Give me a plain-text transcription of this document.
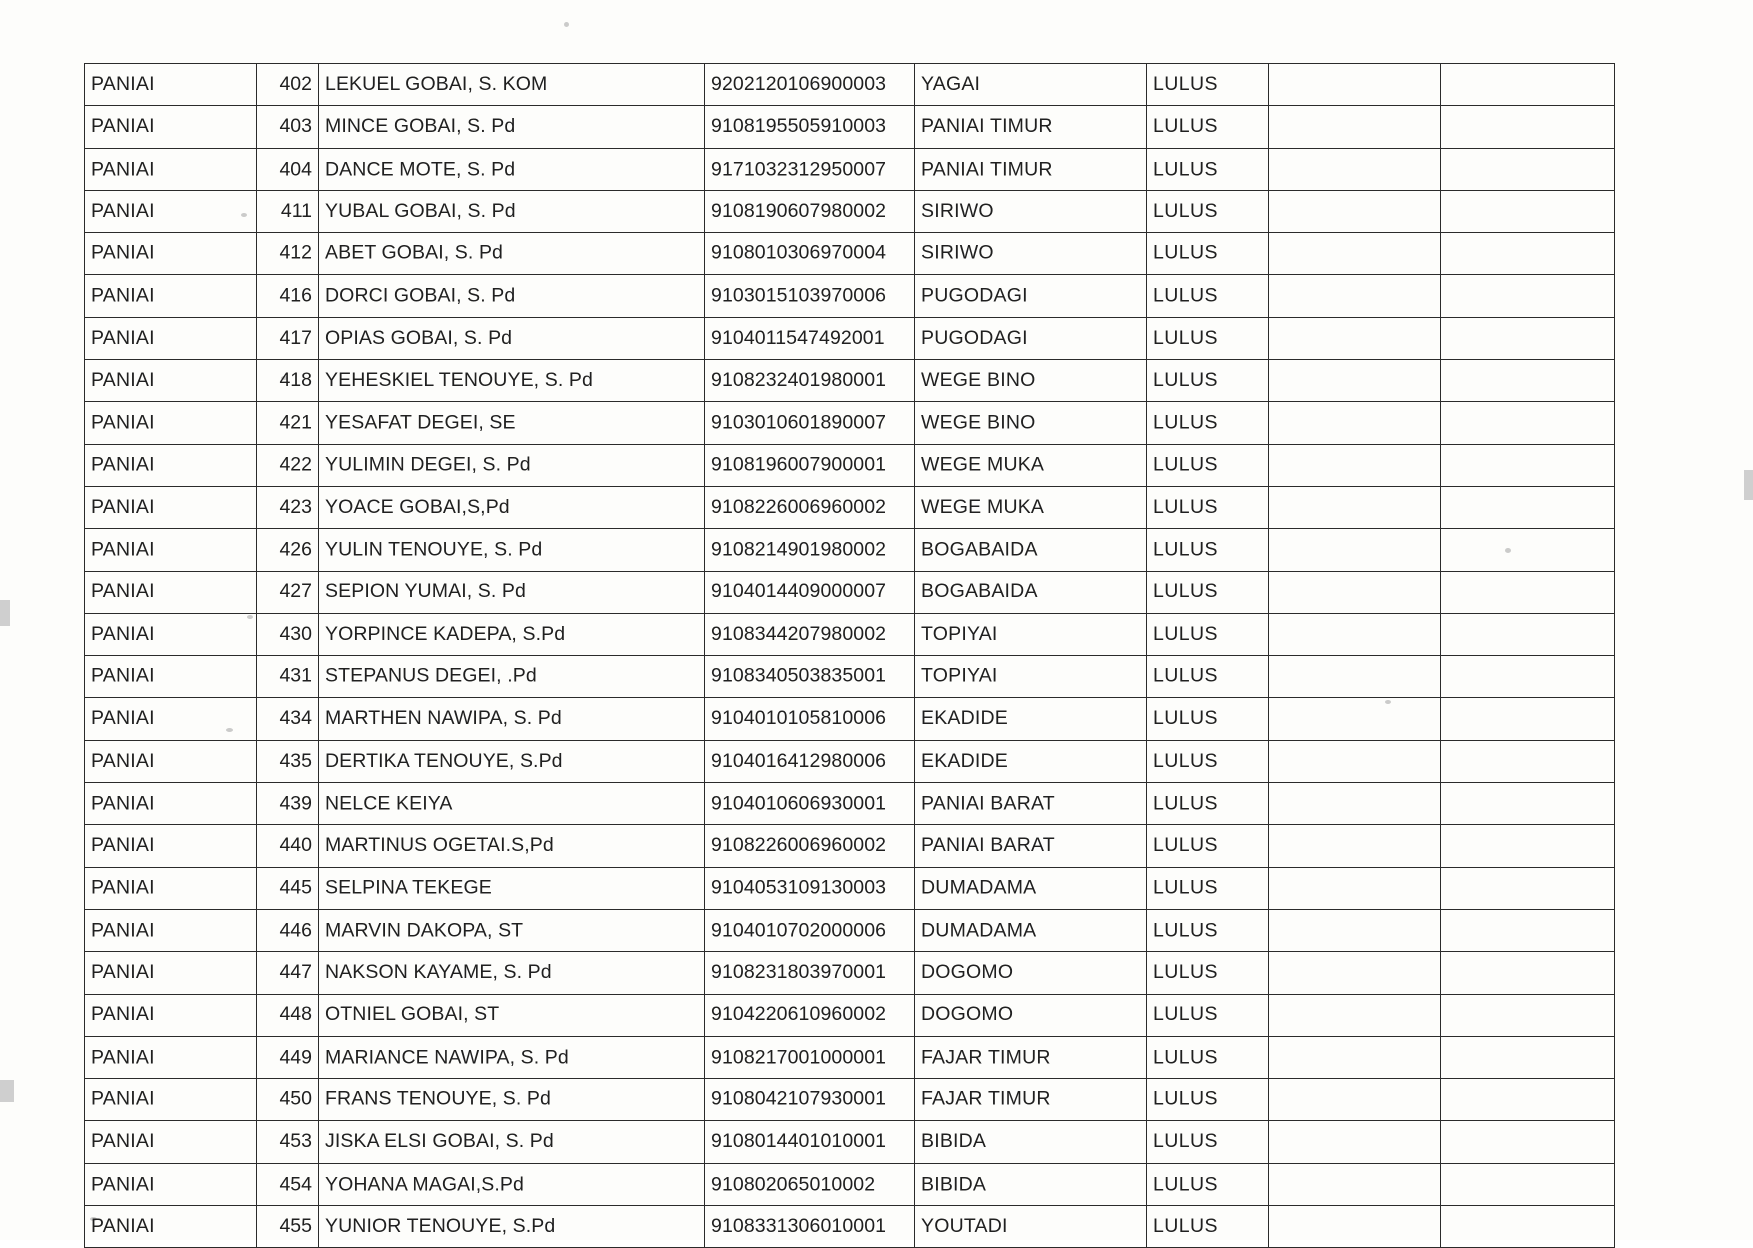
PANIAI	402	LEKUEL GOBAI, S. KOM	9202120106900003	YAGAI	LULUS		
PANIAI	403	MINCE GOBAI, S. Pd	9108195505910003	PANIAI TIMUR	LULUS		
PANIAI	404	DANCE MOTE, S. Pd	9171032312950007	PANIAI TIMUR	LULUS		
PANIAI	411	YUBAL GOBAI, S. Pd	9108190607980002	SIRIWO	LULUS		
PANIAI	412	ABET GOBAI, S. Pd	9108010306970004	SIRIWO	LULUS		
PANIAI	416	DORCI GOBAI, S. Pd	9103015103970006	PUGODAGI	LULUS		
PANIAI	417	OPIAS GOBAI, S. Pd	9104011547492001	PUGODAGI	LULUS		
PANIAI	418	YEHESKIEL TENOUYE, S. Pd	9108232401980001	WEGE BINO	LULUS		
PANIAI	421	YESAFAT DEGEI, SE	9103010601890007	WEGE BINO	LULUS		
PANIAI	422	YULIMIN DEGEI, S. Pd	9108196007900001	WEGE MUKA	LULUS		
PANIAI	423	YOACE GOBAI,S,Pd	9108226006960002	WEGE MUKA	LULUS		
PANIAI	426	YULIN TENOUYE, S. Pd	9108214901980002	BOGABAIDA	LULUS		
PANIAI	427	SEPION YUMAI, S. Pd	9104014409000007	BOGABAIDA	LULUS		
PANIAI	430	YORPINCE KADEPA, S.Pd	9108344207980002	TOPIYAI	LULUS		
PANIAI	431	STEPANUS DEGEI, .Pd	9108340503835001	TOPIYAI	LULUS		
PANIAI	434	MARTHEN NAWIPA, S. Pd	9104010105810006	EKADIDE	LULUS		
PANIAI	435	DERTIKA TENOUYE, S.Pd	9104016412980006	EKADIDE	LULUS		
PANIAI	439	NELCE KEIYA	9104010606930001	PANIAI BARAT	LULUS		
PANIAI	440	MARTINUS OGETAI.S,Pd	9108226006960002	PANIAI BARAT	LULUS		
PANIAI	445	SELPINA TEKEGE	9104053109130003	DUMADAMA	LULUS		
PANIAI	446	MARVIN DAKOPA, ST	9104010702000006	DUMADAMA	LULUS		
PANIAI	447	NAKSON KAYAME, S. Pd	9108231803970001	DOGOMO	LULUS		
PANIAI	448	OTNIEL GOBAI, ST	9104220610960002	DOGOMO	LULUS		
PANIAI	449	MARIANCE NAWIPA, S. Pd	9108217001000001	FAJAR TIMUR	LULUS		
PANIAI	450	FRANS TENOUYE, S. Pd	9108042107930001	FAJAR TIMUR	LULUS		
PANIAI	453	JISKA ELSI GOBAI, S. Pd	9108014401010001	BIBIDA	LULUS		
PANIAI	454	YOHANA MAGAI,S.Pd	910802065010002	BIBIDA	LULUS		
PANIAI	455	YUNIOR TENOUYE, S.Pd	9108331306010001	YOUTADI	LULUS		
